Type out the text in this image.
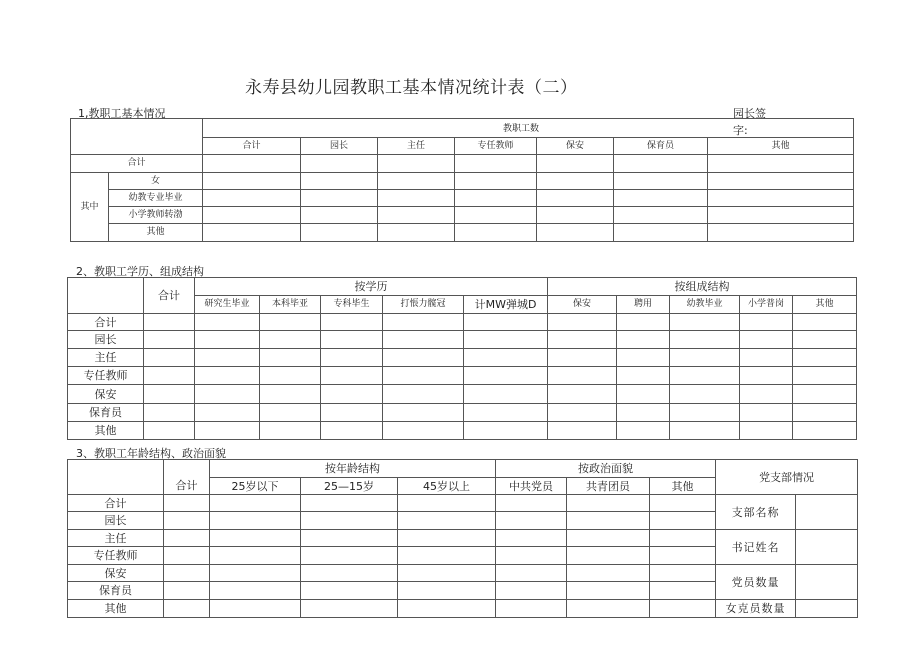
永寿县幼儿园教职工基本情况统计表（二）
1,教职工基本情况	园长签

		教职工数 字:						

		合计	园长	主任	专任教师	保安	保育员	其他
合计								
其中	女							
	幼教专业毕业							
	小学教师转渤							
	其他							
2、教职工学历、组成结构
	合计	按学历					按组成结构				
		研究生毕业	本科毕亚	专科毕生	打悵力髋冠	计MW弹城D	保安	聘用	幼教毕业	小学普岗	其他
合计											
园长											
主任											
专任教师											
保安											
保育员											
其他											
3、教职工年龄结构、政治面貌
	合计	按年龄结构			按政治面貌			党支部情况	
		25岁以下	25—15岁	45岁以上	中共党员	共青团员	其他		
合计								支部名称	
园长									
主任								书记姓名	
专任教师									
保安								党员数量	
保育员									
其他								女克员数量	
